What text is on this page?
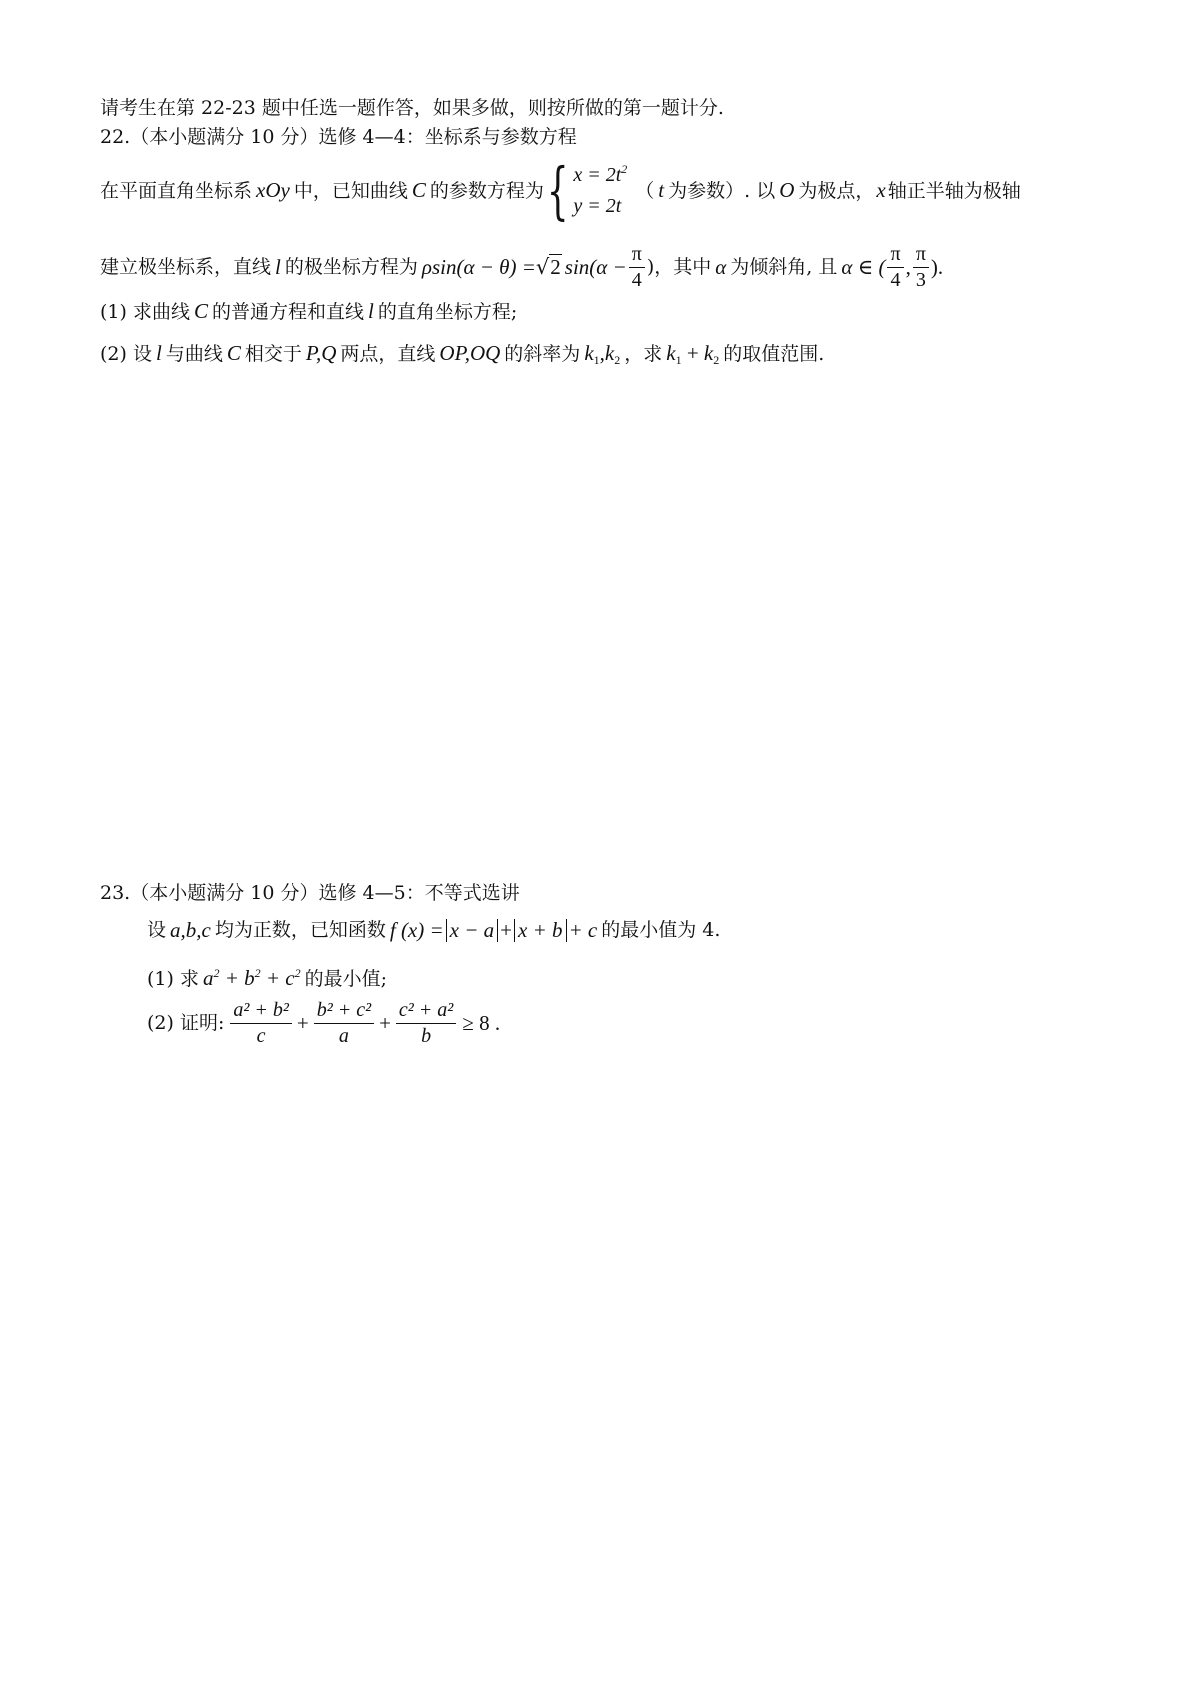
请考生在第 22-23 题中任选一题作答，如果多做，则按所做的第一题计分.
22.（本小题满分 10 分）选修 4—4：坐标系与参数方程
在平面直角坐标系 xOy 中，已知曲线 C 的参数方程为 { $x = 2t^2$
y = 2t
（ t 为参数）. 以 O 为极点， x 轴正半轴为极轴
建立极坐标系，直线 l 的极坐标方程为 ρsin(α − θ) = √ 2 $\sin(\alpha - \frac{\pi}{4}$ )，其中 α 为倾斜角, 且 α ∈ ( $\frac{\pi}{4}$ , $\frac{\pi}{3}$ ).
(1) 求曲线 C 的普通方程和直线 l 的直角坐标方程;
(2) 设 l 与曲线 C 相交于 P,Q 两点，直线 OP,OQ 的斜率为 $k_1,k_2$ ，求 $k_1 + k_2$ 的取值范围.
23.（本小题满分 10 分）选修 4—5：不等式选讲
设 a,b,c 均为正数，已知函数 f (x) = x − a + x + b + c 的最小值为 4.
(1) 求 $a^2 + b^2 + c^2$ 的最小值;
(2) 证明: $\frac{\text{a² + b²}}{c} + \frac{\text{b² + c²}}{a} + \frac{\text{c² + a²}}{b} \ge 8$ .
